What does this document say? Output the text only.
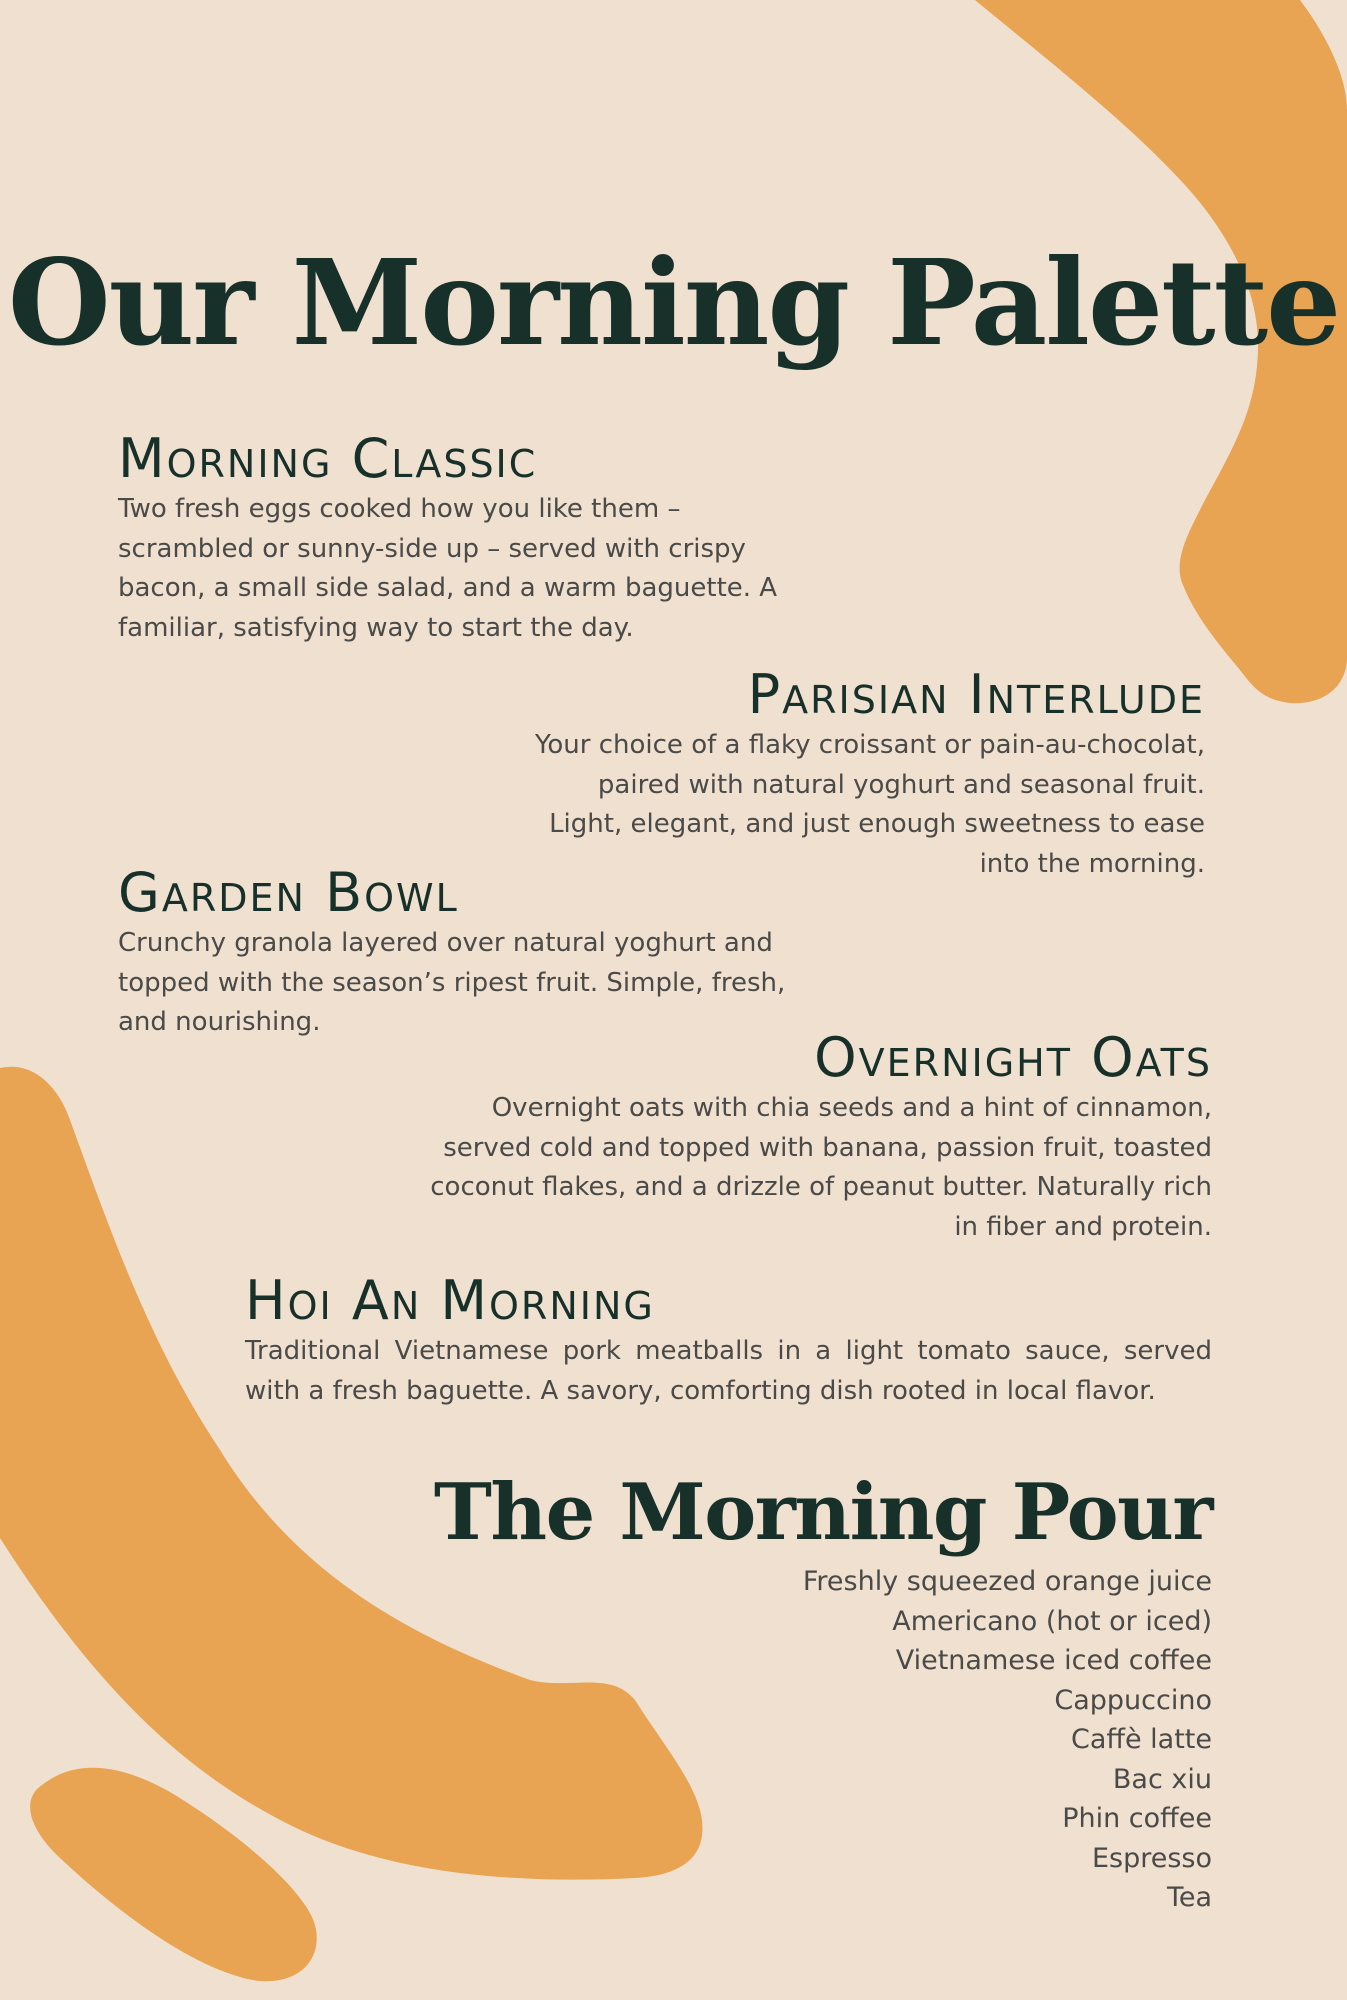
Our Morning Palette
Morning Classic

Two fresh eggs cooked how you like them – scrambled or sunny-side up – served with crispy bacon, a small side salad, and a warm baguette. A familiar, satisfying way to start the day.

Parisian Interlude

Your choice of a flaky croissant or pain-au-chocolat, paired with natural yoghurt and seasonal fruit. Light, elegant, and just enough sweetness to ease into the morning.

Garden Bowl

Crunchy granola layered over natural yoghurt and topped with the season’s ripest fruit. Simple, fresh, and nourishing.

Overnight Oats

Overnight oats with chia seeds and a hint of cinnamon, served cold and topped with banana, passion fruit, toasted coconut flakes, and a drizzle of peanut butter. Naturally rich in fiber and protein.

Hoi An Morning

Traditional Vietnamese pork meatballs in a light tomato sauce, served with a fresh baguette. A savory, comforting dish rooted in local flavor.

The Morning Pour
Freshly squeezed orange juice
Americano (hot or iced)
Vietnamese iced coffee
Cappuccino
Caffè latte
Bac xiu
Phin coffee
Espresso
Tea
